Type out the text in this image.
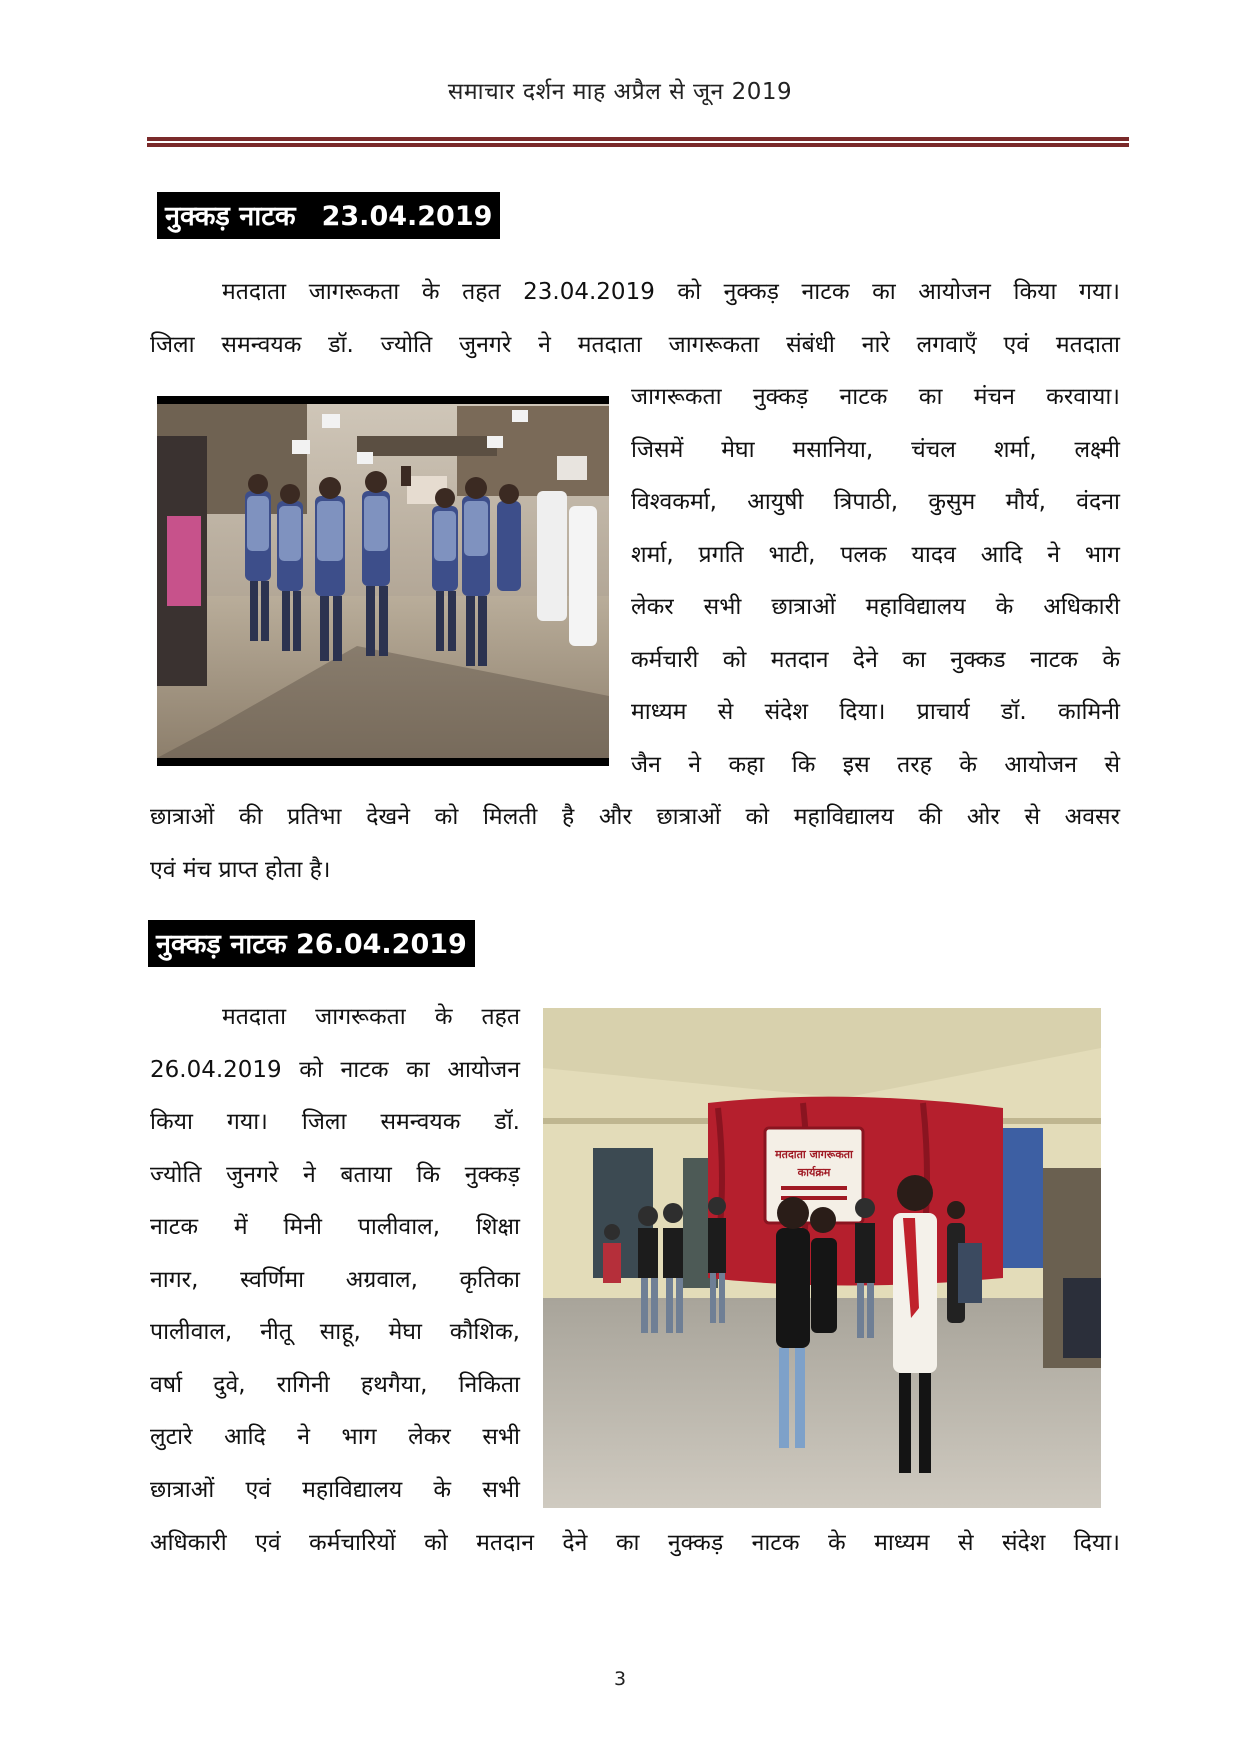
समाचार दर्शन माह अप्रैल से जून 2019
नुक्कड़ नाटक 23.04.2019
मतदाता जागरूकता के तहत 23.04.2019 को नुक्कड़ नाटक का आयोजन किया गया।
जिला समन्वयक डॉ. ज्योति जुनगरे ने मतदाता जागरूकता संबंधी नारे लगवाएँ एवं मतदाता
जागरूकता नुक्कड़ नाटक का मंचन करवाया।
जिसमें मेघा मसानिया, चंचल शर्मा, लक्ष्मी
विश्वकर्मा, आयुषी त्रिपाठी, कुसुम मौर्य, वंदना
शर्मा, प्रगति भाटी, पलक यादव आदि ने भाग
लेकर सभी छात्राओं महाविद्यालय के अधिकारी
कर्मचारी को मतदान देने का नुक्कड नाटक के
माध्यम से संदेश दिया। प्राचार्य डॉ. कामिनी
जैन ने कहा कि इस तरह के आयोजन से
छात्राओं की प्रतिभा देखने को मिलती है और छात्राओं को महाविद्यालय की ओर से अवसर
एवं मंच प्राप्त होता है।
नुक्कड़ नाटक 26.04.2019
मतदाता जागरूकता के तहत
26.04.2019 को नाटक का आयोजन
किया गया। जिला समन्वयक डॉ.
ज्योति जुनगरे ने बताया कि नुक्कड़
नाटक में मिनी पालीवाल, शिक्षा
नागर, स्वर्णिमा अग्रवाल, कृतिका
पालीवाल, नीतू साहू, मेघा कौशिक,
वर्षा दुवे, रागिनी हथगैया, निकिता
लुटारे आदि ने भाग लेकर सभी
छात्राओं एवं महाविद्यालय के सभी
मतदाता जागरूकता
कार्यक्रम
अधिकारी एवं कर्मचारियों को मतदान देने का नुक्कड़ नाटक के माध्यम से संदेश दिया।
3
